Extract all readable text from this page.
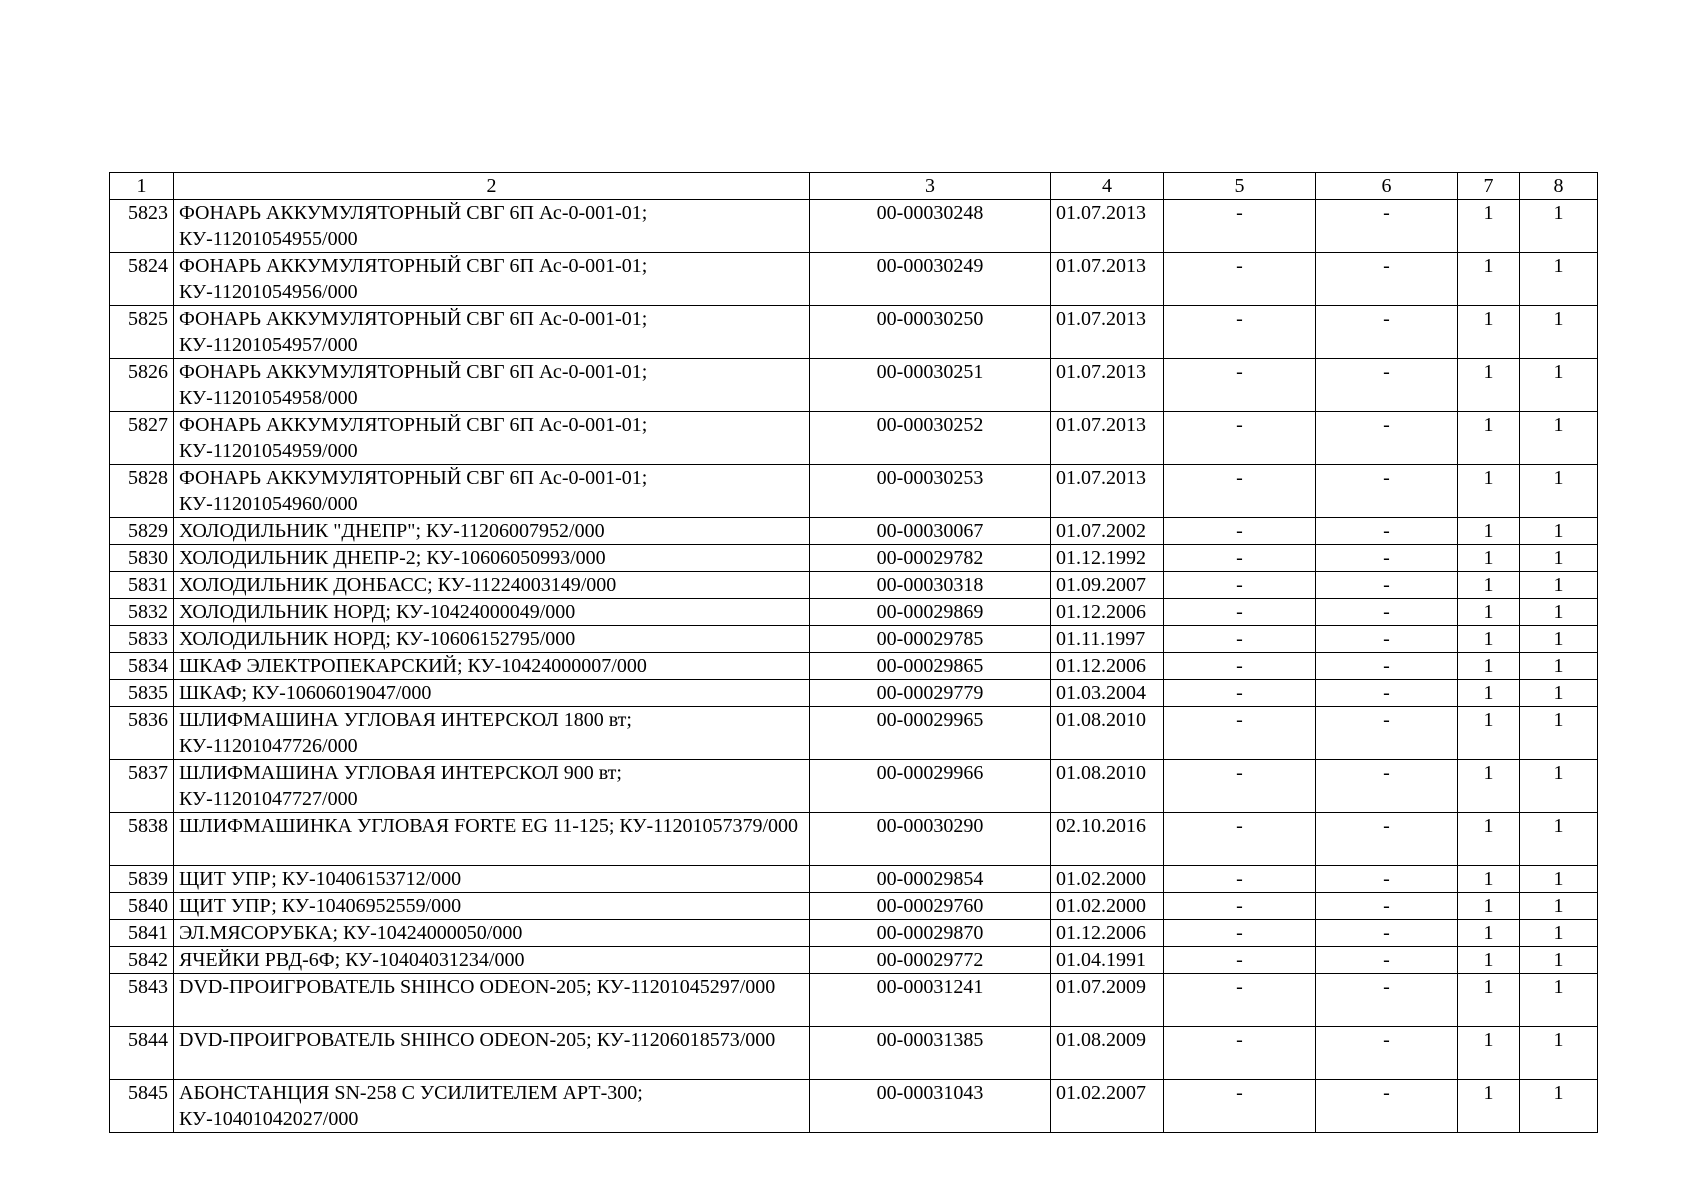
1	2	3	4	5	6	7	8
5823	ФОНАРЬ АККУМУЛЯТОРНЫЙ СВГ 6П Ас-0-001-01; КУ-11201054955/000	00-00030248	01.07.2013	-	-	1	1
5824	ФОНАРЬ АККУМУЛЯТОРНЫЙ СВГ 6П Ас-0-001-01; КУ-11201054956/000	00-00030249	01.07.2013	-	-	1	1
5825	ФОНАРЬ АККУМУЛЯТОРНЫЙ СВГ 6П Ас-0-001-01; КУ-11201054957/000	00-00030250	01.07.2013	-	-	1	1
5826	ФОНАРЬ АККУМУЛЯТОРНЫЙ СВГ 6П Ас-0-001-01; КУ-11201054958/000	00-00030251	01.07.2013	-	-	1	1
5827	ФОНАРЬ АККУМУЛЯТОРНЫЙ СВГ 6П Ас-0-001-01; КУ-11201054959/000	00-00030252	01.07.2013	-	-	1	1
5828	ФОНАРЬ АККУМУЛЯТОРНЫЙ СВГ 6П Ас-0-001-01; КУ-11201054960/000	00-00030253	01.07.2013	-	-	1	1
5829	ХОЛОДИЛЬНИК "ДНЕПР"; КУ-11206007952/000	00-00030067	01.07.2002	-	-	1	1
5830	ХОЛОДИЛЬНИК ДНЕПР-2; КУ-10606050993/000	00-00029782	01.12.1992	-	-	1	1
5831	ХОЛОДИЛЬНИК ДОНБАСС; КУ-11224003149/000	00-00030318	01.09.2007	-	-	1	1
5832	ХОЛОДИЛЬНИК НОРД; КУ-10424000049/000	00-00029869	01.12.2006	-	-	1	1
5833	ХОЛОДИЛЬНИК НОРД; КУ-10606152795/000	00-00029785	01.11.1997	-	-	1	1
5834	ШКАФ ЭЛЕКТРОПЕКАРСКИЙ; КУ-10424000007/000	00-00029865	01.12.2006	-	-	1	1
5835	ШКАФ; КУ-10606019047/000	00-00029779	01.03.2004	-	-	1	1
5836	ШЛИФМАШИНА УГЛОВАЯ ИНТЕРСКОЛ 1800 вт; КУ-11201047726/000	00-00029965	01.08.2010	-	-	1	1
5837	ШЛИФМАШИНА УГЛОВАЯ ИНТЕРСКОЛ 900 вт; КУ-11201047727/000	00-00029966	01.08.2010	-	-	1	1
5838	ШЛИФМАШИНКА УГЛОВАЯ FORTE EG 11-125; КУ-11201057379/000	00-00030290	02.10.2016	-	-	1	1
5839	ЩИТ УПР; КУ-10406153712/000	00-00029854	01.02.2000	-	-	1	1
5840	ЩИТ УПР; КУ-10406952559/000	00-00029760	01.02.2000	-	-	1	1
5841	ЭЛ.МЯСОРУБКА; КУ-10424000050/000	00-00029870	01.12.2006	-	-	1	1
5842	ЯЧЕЙКИ РВД-6Ф; КУ-10404031234/000	00-00029772	01.04.1991	-	-	1	1
5843	DVD-ПРОИГРОВАТЕЛЬ SHIHCO ODEON-205; КУ-11201045297/000	00-00031241	01.07.2009	-	-	1	1
5844	DVD-ПРОИГРОВАТЕЛЬ SHIHCO ODEON-205; КУ-11206018573/000	00-00031385	01.08.2009	-	-	1	1
5845	АБОНСТАНЦИЯ SN-258 С УСИЛИТЕЛЕМ АРТ-300; КУ-10401042027/000	00-00031043	01.02.2007	-	-	1	1
